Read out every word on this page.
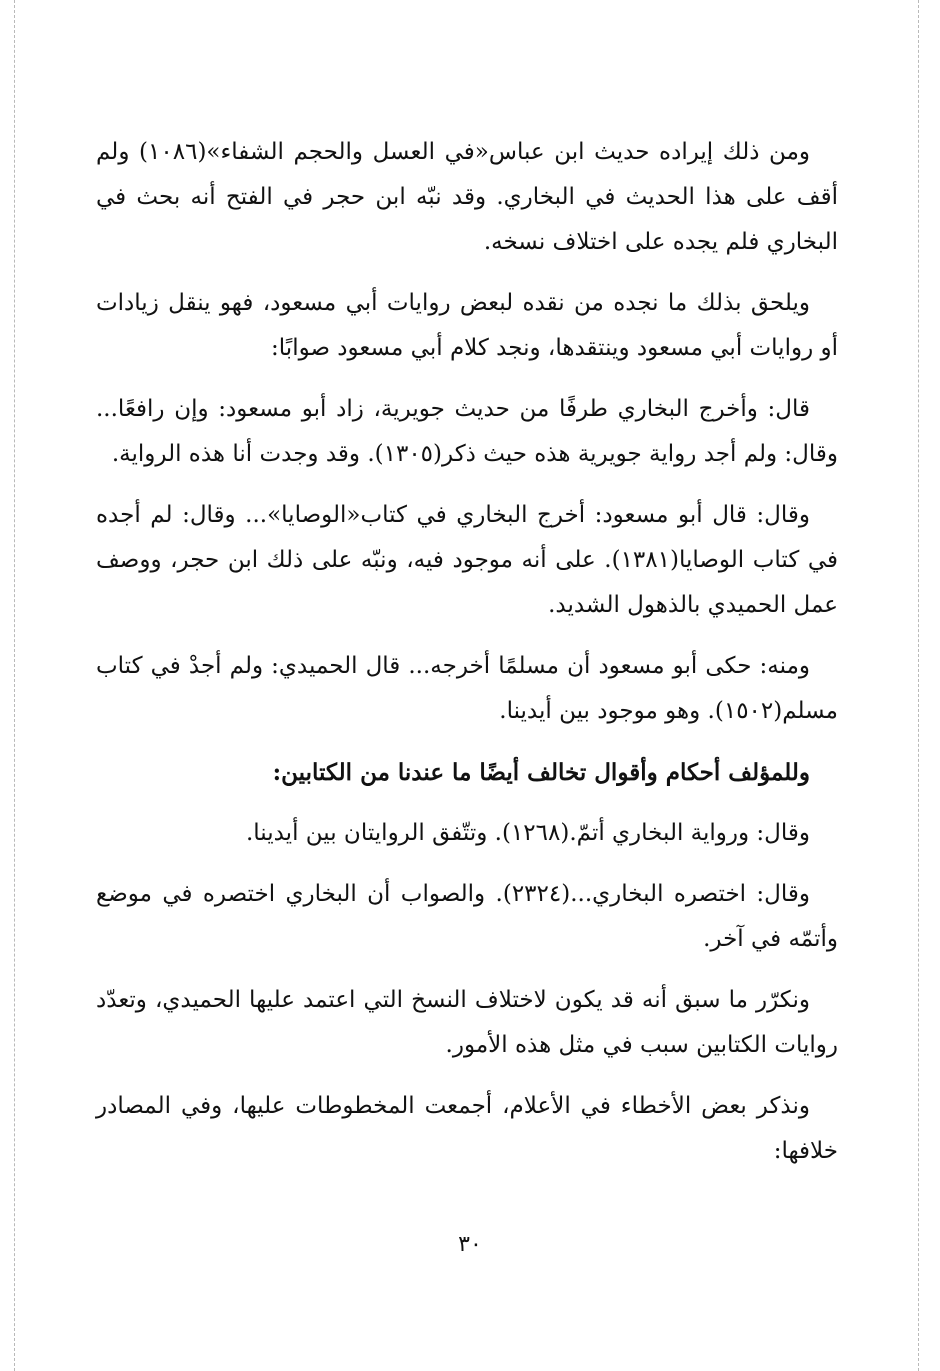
ومن ذلك إيراده حديث ابن عباس«في العسل والحجم الشفاء»(١٠٨٦) ولم أقف على هذا الحديث في البخاري. وقد نبّه ابن حجر في الفتح أنه بحث في البخاري فلم يجده على اختلاف نسخه.

ويلحق بذلك ما نجده من نقده لبعض روايات أبي مسعود، فهو ينقل زيادات أو روايات أبي مسعود وينتقدها، ونجد كلام أبي مسعود صوابًا:

قال: وأخرج البخاري طرفًا من حديث جويرية، زاد أبو مسعود: وإن رافعًا... وقال: ولم أجد رواية جويرية هذه حيث ذكر(١٣٠٥). وقد وجدت أنا هذه الرواية.

وقال: قال أبو مسعود: أخرج البخاري في كتاب«الوصايا»... وقال: لم أجده في كتاب الوصايا(١٣٨١). على أنه موجود فيه، ونبّه على ذلك ابن حجر، ووصف عمل الحميدي بالذهول الشديد.

ومنه: حكى أبو مسعود أن مسلمًا أخرجه... قال الحميدي: ولم أجدْ في كتاب مسلم(١٥٠٢). وهو موجود بين أيدينا.

وللمؤلف أحكام وأقوال تخالف أيضًا ما عندنا من الكتابين:

وقال: ورواية البخاري أتمّ.(١٢٦٨). وتتّفق الروايتان بين أيدينا.

وقال: اختصره البخاري...(٢٣٢٤). والصواب أن البخاري اختصره في موضع وأتمّه في آخر.

ونكرّر ما سبق أنه قد يكون لاختلاف النسخ التي اعتمد عليها الحميدي، وتعدّد روايات الكتابين سبب في مثل هذه الأمور.

ونذكر بعض الأخطاء في الأعلام، أجمعت المخطوطات عليها، وفي المصادر خلافها:

٣٠
